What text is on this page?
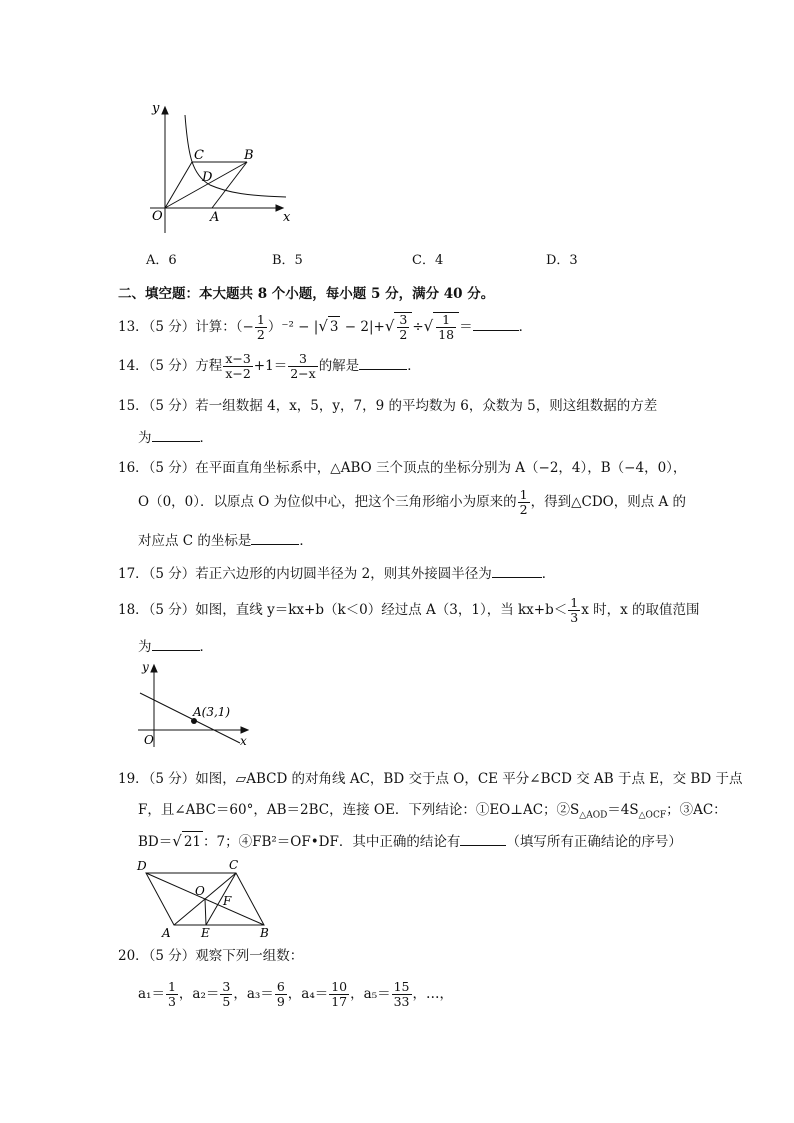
y
x
O	A
B
C
D
A．6	B．5	C．4	D．3
二、填空题：本大题共 8 个小题，每小题 5 分，满分 40 分。
13．（5 分）计算：（− $\frac{1}{2} )^{-2}$ − |√ $3 - 2|+√ \frac{3}{2}$ ÷√ $\frac{1}{18}$ ＝	．
14．（5 分）方程 $\frac{x-3}{x-2} +1= \frac{3}{2-x}$ 的解是	．
15．（5 分）若一组数据 4，x，5，y，7，9 的平均数为 6，众数为 5，则这组数据的方差
为	．
16．（5 分）在平面直角坐标系中，△ABO 三个顶点的坐标分别为 A（−2，4），B（−4，0），
O（0，0）．以原点 O 为位似中心，把这个三角形缩小为原来的 $\frac{1}{2}$ ，得到△CDO，则点 A 的
对应点 C 的坐标是	．
17．（5 分）若正六边形的内切圆半径为 2，则其外接圆半径为	．
18．（5 分）如图，直线 y＝kx+b（k＜0）经过点 A（3，1），当 $kx+b< \frac{1}{3}$ x 时，x 的取值范围
为	．
y
x
O
A(3,1)
19．（5 分）如图，▱ABCD 的对角线 AC，BD 交于点 O，CE 平分∠BCD 交 AB 于点 E，交 BD 于点
F，且∠ABC＝60°，AB＝2BC，连接 OE．下列结论：①EO⊥AC；$②S_{\triangle AOD}=4S_{\triangle OCF}$；③AC：
BD＝√ 21 ：7；④FB²＝OF•DF．其中正确的结论有	（填写所有正确结论的序号）
D	C
A	B
E
F
O
20．（5 分）观察下列一组数：
$a_1= \frac{1}{3}$ ，$a_2= \frac{3}{5}$ ，$a_3= \frac{6}{9}$ ，$a_4= \frac{10}{17}$ ，$a_5= \frac{15}{33}$ ，…，
